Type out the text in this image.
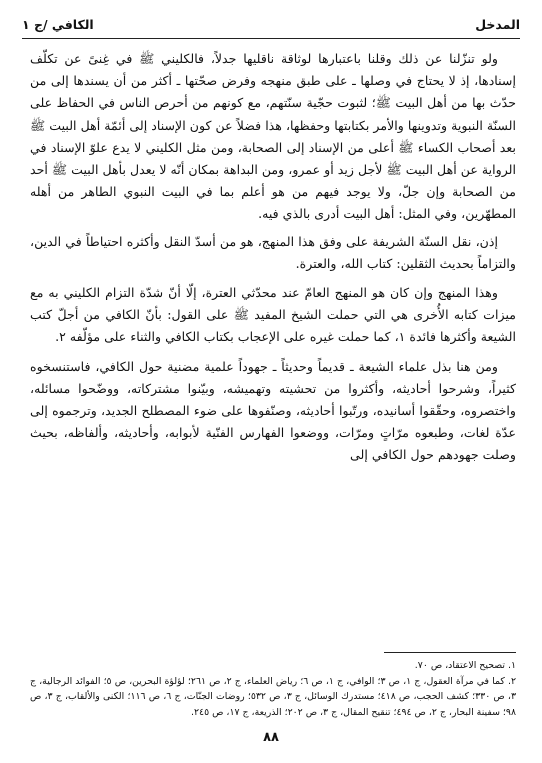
المدخل
الكافي /ج ١

ولو تنزّلنا عن ذلك وقلنا باعتبارها لوثاقة ناقليها جدلاً، فالكليني ﷺ في غِنىً عن تكلّف إسنادها، إذ لا يحتاج في وصلها ـ على طبق منهجه وفرض صحّتها ـ أكثر من أن يسندها إلى من حدّث بها من أهل البيت ﷺ؛ لثبوت حجّية سنّتهم، مع كونهم من أحرص الناس في الحفاظ على السنّة النبوية وتدوينها والأمر بكتابتها وحفظها، هذا فضلاً عن كون الإسناد إلى أئمّة أهل البيت ﷺ بعد أصحاب الكساء ﷺ أعلى من الإسناد إلى الصحابة، ومن مثل الكليني لا يدع علوّ الإسناد في الرواية عن أهل البيت ﷺ لأجل زيد أو عمرو، ومن البداهة بمكان أنّه لا يعدل بأهل البيت ﷺ أحد من الصحابة وإن جلّ، ولا يوجد فيهم من هو أعلم بما في البيت النبوي الطاهر من أهله المطهّرين، وفي المثل: أهل البيت أدرى بالذي فيه.

إذن، نقل السنّة الشريفة على وفق هذا المنهج، هو من أسدّ النقل وأكثره احتياطاً في الدين، والتزاماً بحديث الثقلين: كتاب الله، والعترة.

وهذا المنهج وإن كان هو المنهج العامّ عند محدّثي العترة، إلّا أنّ شدّة التزام الكليني به مع ميزات كتابه الأُخرى هي التي حملت الشيخ المفيد ﷺ على القول: بأنّ الكافي من أجلّ كتب الشيعة وأكثرها فائدة ١، كما حملت غيره على الإعجاب بكتاب الكافي والثناء على مؤلّفه ٢.

ومن هنا بذل علماء الشيعة ـ قديماً وحديثاً ـ جهوداً علمية مضنية حول الكافي، فاستنسخوه كثيراً، وشرحوا أحاديثه، وأكثروا من تحشيته وتهميشه، وبيّنوا مشتركاته، ووضّحوا مسائله، واختصروه، وحقّقوا أسانيده، ورتّبوا أحاديثه، وصنّفوها على ضوء المصطلح الجديد، وترجموه إلى عدّة لغات، وطبعوه مرّاتٍ ومرّات، ووضعوا الفهارس الفنّية لأبوابه، وأحاديثه، وألفاظه، بحيث وصلت جهودهم حول الكافي إلى

١. تصحيح الاعتقاد، ص ٧٠.
٢. كما في مرآة العقول، ج ١، ص ٣؛ الوافي، ج ١، ص ٦؛ رياض العلماء، ج ٢، ص ٢٦١؛ لؤلؤة البحرين، ص ٥؛ الفوائد الرجالية، ج ٣، ص ٣٣٠؛ كشف الحجب، ص ٤١٨؛ مستدرك الوسائل، ج ٣، ص ٥٣٢؛ روضات الجنّات، ج ٦، ص ١١٦؛ الكنى والألقاب، ج ٣، ص ٩٨؛ سفينة البحار، ج ٢، ص ٤٩٤؛ تنقيح المقال، ج ٣، ص ٢٠٢؛ الذريعة، ج ١٧، ص ٢٤٥.
٨٨
